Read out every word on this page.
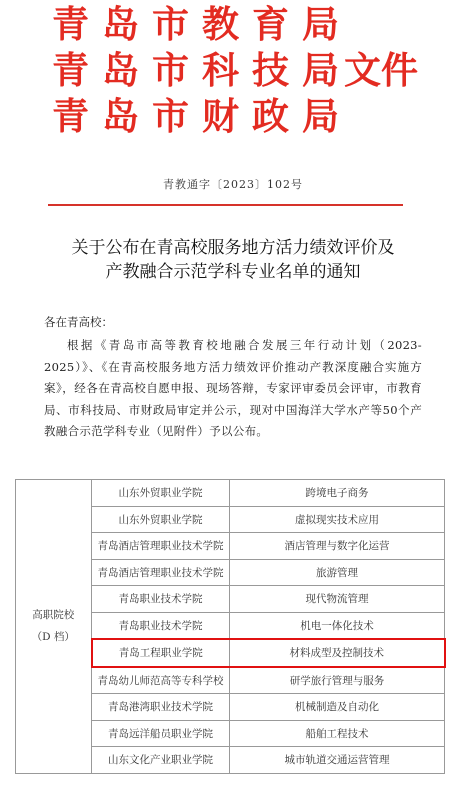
青岛市教育局
青岛市科技局
文件
青岛市财政局
青教通字〔2023〕102号
关于公布在青高校服务地方活力绩效评价及
产教融合示范学科专业名单的通知
各在青高校：
根据《青岛市高等教育校地融合发展三年行动计划（2023-2025）》、《在青高校服务地方活力绩效评价推动产教深度融合实施方案》，经各在青高校自愿申报、现场答辩，专家评审委员会评审，市教育局、市科技局、市财政局审定并公示，现对中国海洋大学水产等50个产教融合示范学科专业（见附件）予以公布。
高职院校
（D 档）	山东外贸职业学院	跨境电子商务
	山东外贸职业学院	虚拟现实技术应用
	青岛酒店管理职业技术学院	酒店管理与数字化运营
	青岛酒店管理职业技术学院	旅游管理
	青岛职业技术学院	现代物流管理
	青岛职业技术学院	机电一体化技术
	青岛工程职业学院	材料成型及控制技术
	青岛幼儿师范高等专科学校	研学旅行管理与服务
	青岛港湾职业技术学院	机械制造及自动化
	青岛远洋船员职业学院	船舶工程技术
	山东文化产业职业学院	城市轨道交通运营管理
